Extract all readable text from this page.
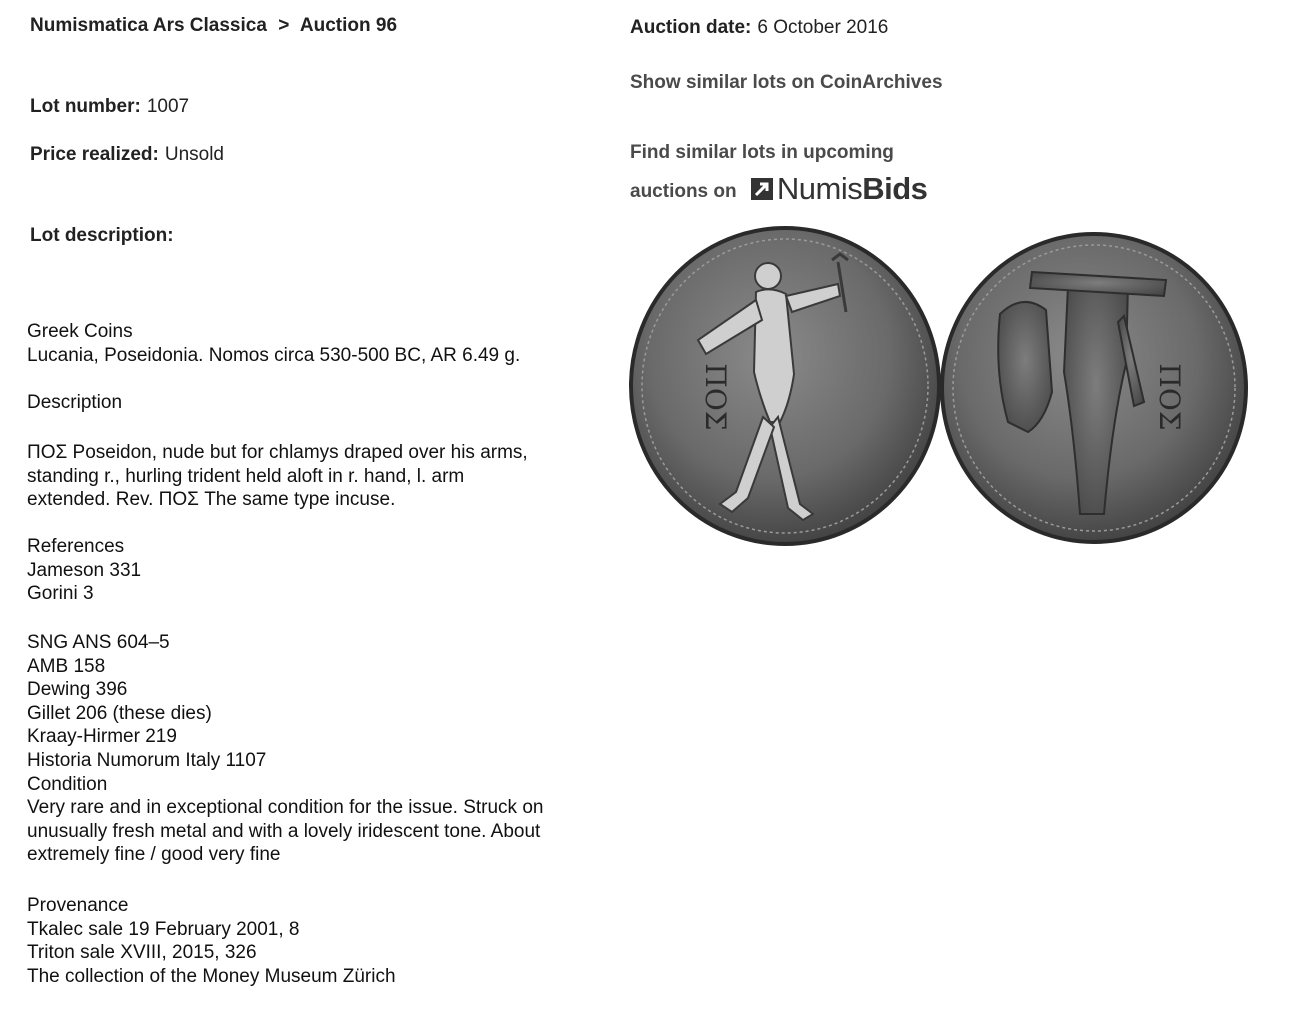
Numismatica Ars Classica > Auction 96
Lot number: 1007
Price realized: Unsold
Lot description:
Greek Coins
Lucania, Poseidonia. Nomos circa 530-500 BC, AR 6.49 g.
Description
ΠΟΣ Poseidon, nude but for chlamys draped over his arms,
standing r., hurling trident held aloft in r. hand, l. arm
extended. Rev. ΠΟΣ The same type incuse.
References
Jameson 331
Gorini 3
SNG ANS 604–5
AMB 158
Dewing 396
Gillet 206 (these dies)
Kraay-Hirmer 219
Historia Numorum Italy 1107
Condition
Very rare and in exceptional condition for the issue. Struck on
unusually fresh metal and with a lovely iridescent tone. About
extremely fine / good very fine
Provenance
Tkalec sale 19 February 2001, 8
Triton sale XVIII, 2015, 326
The collection of the Money Museum Zürich
Auction date: 6 October 2016
Show similar lots on CoinArchives
Find similar lots in upcoming
auctions on NumisBids
ΠΟΣ	ΠΟΣ
